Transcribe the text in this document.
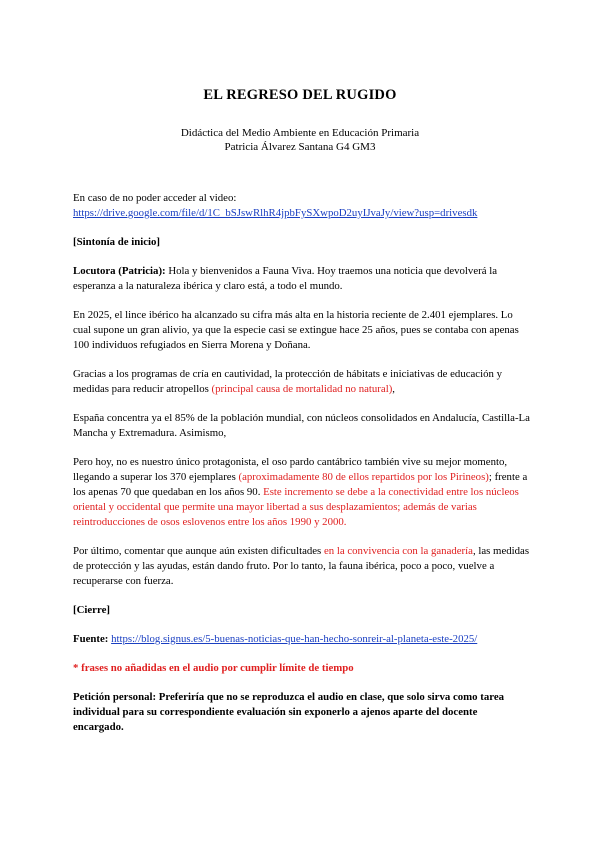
EL REGRESO DEL RUGIDO
Didáctica del Medio Ambiente en Educación Primaria
Patricia Álvarez Santana G4 GM3

En caso de no poder acceder al video:
https://drive.google.com/file/d/1C_bSJswRlhR4jpbFySXwpoD2uyIJvaJy/view?usp=drivesdk

[Sintonía de inicio]

Locutora (Patricia): Hola y bienvenidos a Fauna Viva. Hoy traemos una noticia que devolverá la esperanza a la naturaleza ibérica y claro está, a todo el mundo.

En 2025, el lince ibérico ha alcanzado su cifra más alta en la historia reciente de 2.401 ejemplares. Lo cual supone un gran alivio, ya que la especie casi se extingue hace 25 años, pues se contaba con apenas 100 individuos refugiados en Sierra Morena y Doñana.

Gracias a los programas de cría en cautividad, la protección de hábitats e iniciativas de educación y medidas para reducir atropellos (principal causa de mortalidad no natural),

España concentra ya el 85% de la población mundial, con núcleos consolidados en Andalucía, Castilla-La Mancha y Extremadura. Asimismo,

Pero hoy, no es nuestro único protagonista, el oso pardo cantábrico también vive su mejor momento, llegando a superar los 370 ejemplares (aproximadamente 80 de ellos repartidos por los Pirineos); frente a los apenas 70 que quedaban en los años 90. Este incremento se debe a la conectividad entre los núcleos oriental y occidental que permite una mayor libertad a sus desplazamientos; además de varias reintroducciones de osos eslovenos entre los años 1990 y 2000.

Por último, comentar que aunque aún existen dificultades en la convivencia con la ganadería, las medidas de protección y las ayudas, están dando fruto. Por lo tanto, la fauna ibérica, poco a poco, vuelve a recuperarse con fuerza.

[Cierre]

Fuente: https://blog.signus.es/5-buenas-noticias-que-han-hecho-sonreir-al-planeta-este-2025/

* frases no añadidas en el audio por cumplir límite de tiempo

Petición personal: Preferiría que no se reproduzca el audio en clase, que solo sirva como tarea individual para su correspondiente evaluación sin exponerlo a ajenos aparte del docente encargado.
